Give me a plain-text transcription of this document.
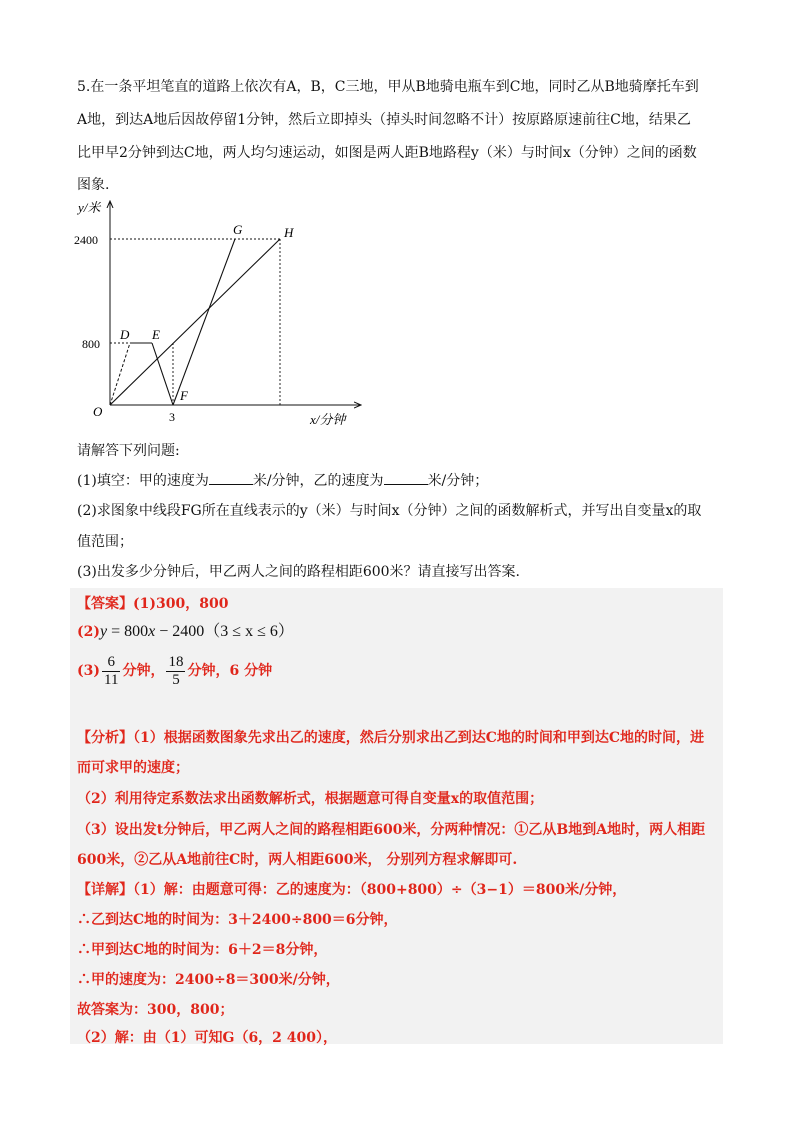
5.在一条平坦笔直的道路上依次有A，B，C三地，甲从B地骑电瓶车到C地，同时乙从B地骑摩托车到
A地，到达A地后因故停留1分钟，然后立即掉头（掉头时间忽略不计）按原路原速前往C地，结果乙
比甲早2分钟到达C地，两人均匀速运动，如图是两人距B地路程y（米）与时间x（分钟）之间的函数
图象.
y/米
x/分钟
2400
800
3
O
D E
F
G	H
请解答下列问题:
(1)填空：甲的速度为	米/分钟，乙的速度为	米/分钟；
(2)求图象中线段FG所在直线表示的y（米）与时间x（分钟）之间的函数解析式，并写出自变量x的取
值范围；
(3)出发多少分钟后，甲乙两人之间的路程相距600米？请直接写出答案.
【答案】(1)300，800
(2)y = 800x − 2400（3 ≤ x ≤ 6）
$(3) \frac{6}{11}$ 分钟， $\frac{18}{5}$ 分钟，6 分钟
【分析】（1）根据函数图象先求出乙的速度，然后分别求出乙到达C地的时间和甲到达C地的时间，进
而可求甲的速度；
（2）利用待定系数法求出函数解析式，根据题意可得自变量x的取值范围；
（3）设出发t分钟后，甲乙两人之间的路程相距600米，分两种情况：①乙从B地到A地时，两人相距
600米，②乙从A地前往C时，两人相距600米， 分别列方程求解即可.
【详解】（1）解：由题意可得：乙的速度为：（800+800）÷（3−1）＝800米/分钟，
∴乙到达C地的时间为：3＋2400÷800＝6分钟，
∴甲到达C地的时间为：6＋2＝8分钟，
∴甲的速度为：2400÷8＝300米/分钟，
故答案为：300，800；
（2）解：由（1）可知G（6，2 400），
